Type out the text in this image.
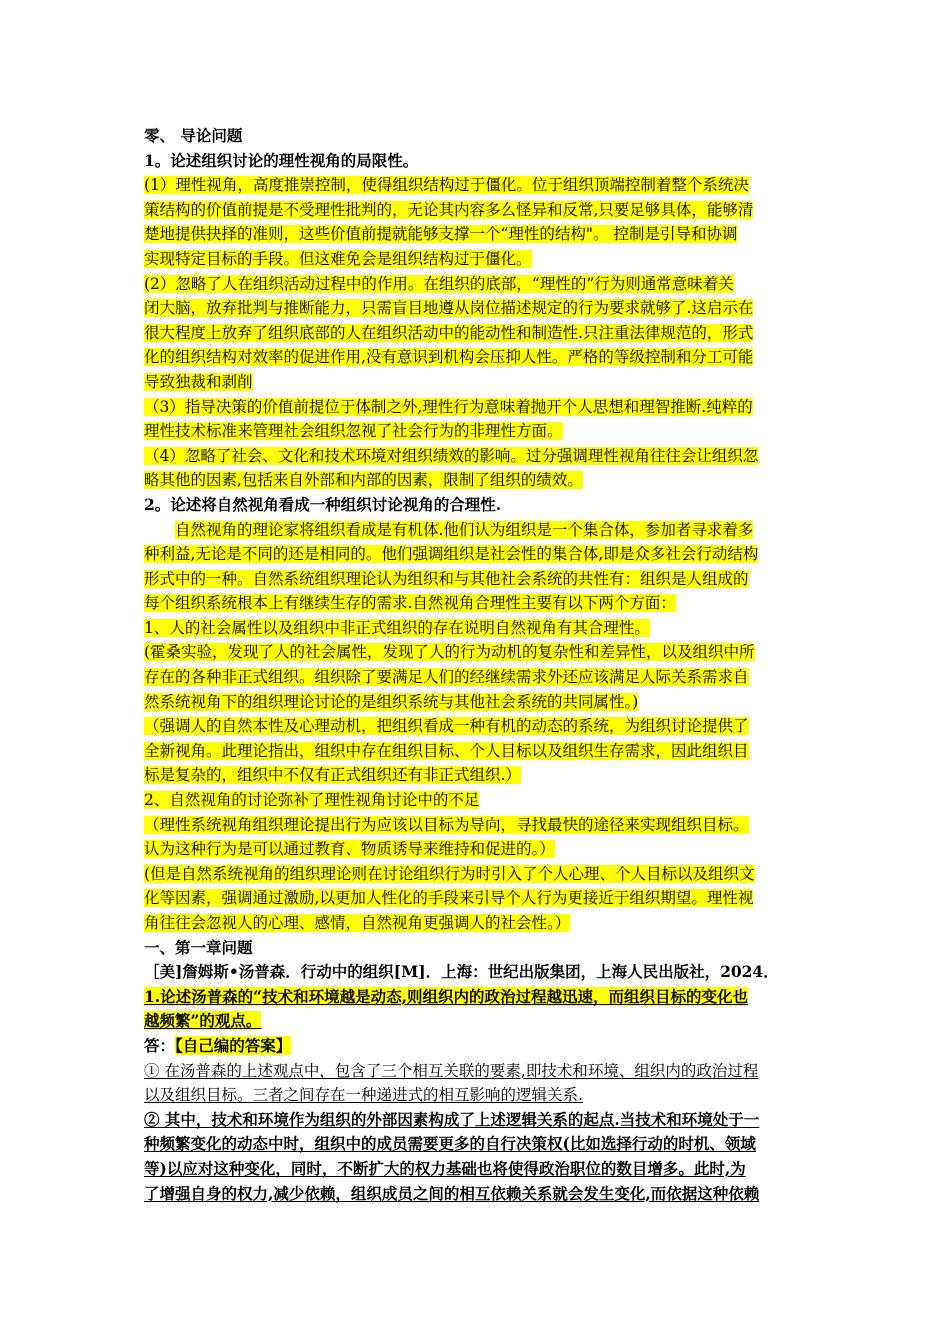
零、 导论问题
1。论述组织讨论的理性视角的局限性。
(1）理性视角，高度推崇控制，使得组织结构过于僵化。位于组织顶端控制着整个系统决
策结构的价值前提是不受理性批判的，无论其内容多么怪异和反常,只要足够具体，能够清
楚地提供抉择的准则，这些价值前提就能够支撑一个“理性的结构"。 控制是引导和协调
实现特定目标的手段。但这难免会是组织结构过于僵化。
(2）忽略了人在组织活动过程中的作用。在组织的底部，“理性的”行为则通常意味着关
闭大脑，放弃批判与推断能力，只需盲目地遵从岗位描述规定的行为要求就够了.这启示在
很大程度上放弃了组织底部的人在组织活动中的能动性和制造性.只注重法律规范的，形式
化的组织结构对效率的促进作用,没有意识到机构会压抑人性。严格的等级控制和分工可能
导致独裁和剥削
（3）指导决策的价值前提位于体制之外,理性行为意味着抛开个人思想和理智推断.纯粹的
理性技术标准来管理社会组织忽视了社会行为的非理性方面。
（4）忽略了社会、文化和技术环境对组织绩效的影响。过分强调理性视角往往会让组织忽
略其他的因素,包括来自外部和内部的因素，限制了组织的绩效。
2。论述将自然视角看成一种组织讨论视角的合理性.
自然视角的理论家将组织看成是有机体.他们认为组织是一个集合体，参加者寻求着多
种利益,无论是不同的还是相同的。他们强调组织是社会性的集合体,即是众多社会行动结构
形式中的一种。自然系统组织理论认为组织和与其他社会系统的共性有：组织是人组成的
每个组织系统根本上有继续生存的需求.自然视角合理性主要有以下两个方面：
1、人的社会属性以及组织中非正式组织的存在说明自然视角有其合理性。
(霍桑实验，发现了人的社会属性，发现了人的行为动机的复杂性和差异性，以及组织中所
存在的各种非正式组织。组织除了要满足人们的经继续需求外还应该满足人际关系需求自
然系统视角下的组织理论讨论的是组织系统与其他社会系统的共同属性。)
（强调人的自然本性及心理动机，把组织看成一种有机的动态的系统，为组织讨论提供了
全新视角。此理论指出，组织中存在组织目标、个人目标以及组织生存需求，因此组织目
标是复杂的，组织中不仅有正式组织还有非正式组织.）
2、自然视角的讨论弥补了理性视角讨论中的不足
（理性系统视角组织理论提出行为应该以目标为导向，寻找最快的途径来实现组织目标。
认为这种行为是可以通过教育、物质诱导来维持和促进的。）
(但是自然系统视角的组织理论则在讨论组织行为时引入了个人心理、个人目标以及组织文
化等因素，强调通过激励,以更加人性化的手段来引导个人行为更接近于组织期望。理性视
角往往会忽视人的心理、感情，自然视角更强调人的社会性。）
一、第一章问题
［美]詹姆斯•汤普森．行动中的组织[M]．上海：世纪出版集团，上海人民出版社，2024．
1.论述汤普森的“技术和环境越是动态,则组织内的政治过程越迅速，而组织目标的变化也
越频繁”的观点。
答：【自己编的答案】
① 在汤普森的上述观点中，包含了三个相互关联的要素,即技术和环境、组织内的政治过程
以及组织目标。三者之间存在一种递进式的相互影响的逻辑关系.
② 其中，技术和环境作为组织的外部因素构成了上述逻辑关系的起点.当技术和环境处于一
种频繁变化的动态中时，组织中的成员需要更多的自行决策权(比如选择行动的时机、领域
等)以应对这种变化，同时，不断扩大的权力基础也将使得政治职位的数目增多。此时,为
了增强自身的权力,减少依赖，组织成员之间的相互依赖关系就会发生变化,而依据这种依赖
